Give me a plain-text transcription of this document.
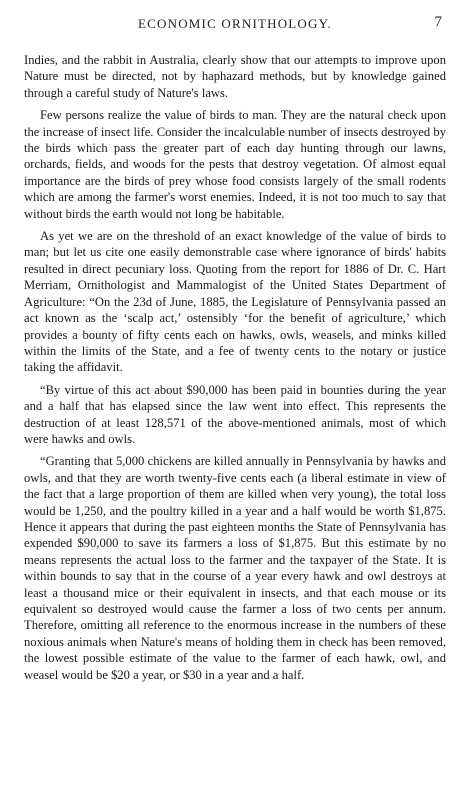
ECONOMIC ORNITHOLOGY.	7

Indies, and the rabbit in Australia, clearly show that our attempts to improve upon Nature must be directed, not by haphazard methods, but by knowledge gained through a careful study of Nature's laws.

Few persons realize the value of birds to man. They are the natural check upon the increase of insect life. Consider the incalculable number of insects destroyed by the birds which pass the greater part of each day hunting through our lawns, orchards, fields, and woods for the pests that destroy vegetation. Of almost equal importance are the birds of prey whose food consists largely of the small rodents which are among the farmer's worst enemies. Indeed, it is not too much to say that without birds the earth would not long be habitable.

As yet we are on the threshold of an exact knowledge of the value of birds to man; but let us cite one easily demonstrable case where ignorance of birds' habits resulted in direct pecuniary loss. Quoting from the report for 1886 of Dr. C. Hart Merriam, Ornithologist and Mammalogist of the United States Department of Agriculture: “On the 23d of June, 1885, the Legislature of Pennsylvania passed an act known as the ‘scalp act,’ ostensibly ‘for the benefit of agriculture,’ which provides a bounty of fifty cents each on hawks, owls, weasels, and minks killed within the limits of the State, and a fee of twenty cents to the notary or justice taking the affidavit.

“By virtue of this act about $90,000 has been paid in bounties during the year and a half that has elapsed since the law went into effect. This represents the destruction of at least 128,571 of the above-mentioned animals, most of which were hawks and owls.

“Granting that 5,000 chickens are killed annually in Pennsylvania by hawks and owls, and that they are worth twenty-five cents each (a liberal estimate in view of the fact that a large proportion of them are killed when very young), the total loss would be 1,250, and the poultry killed in a year and a half would be worth $1,875. Hence it appears that during the past eighteen months the State of Pennsylvania has expended $90,000 to save its farmers a loss of $1,875. But this estimate by no means represents the actual loss to the farmer and the taxpayer of the State. It is within bounds to say that in the course of a year every hawk and owl destroys at least a thousand mice or their equivalent in insects, and that each mouse or its equivalent so destroyed would cause the farmer a loss of two cents per annum. Therefore, omitting all reference to the enormous increase in the numbers of these noxious animals when Nature's means of holding them in check has been removed, the lowest possible estimate of the value to the farmer of each hawk, owl, and weasel would be $20 a year, or $30 in a year and a half.
